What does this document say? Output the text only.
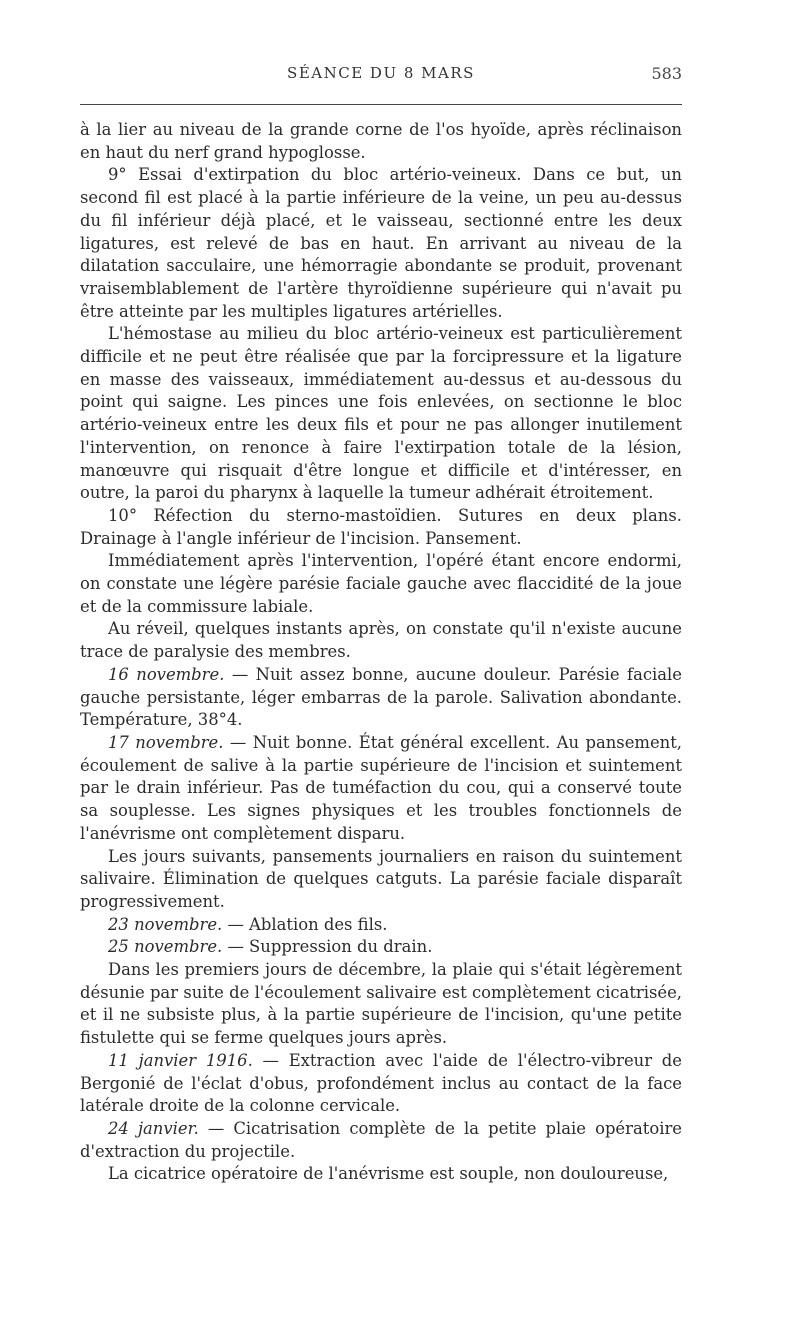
SÉANCE DU 8 MARS	583

à la lier au niveau de la grande corne de l'os hyoïde, après réclinaison en haut du nerf grand hypoglosse.

9° Essai d'extirpation du bloc artério-veineux. Dans ce but, un second fil est placé à la partie inférieure de la veine, un peu au-dessus du fil inférieur déjà placé, et le vaisseau, sectionné entre les deux ligatures, est relevé de bas en haut. En arrivant au niveau de la dilatation sacculaire, une hémorragie abondante se produit, provenant vraisemblablement de l'artère thyroïdienne supérieure qui n'avait pu être atteinte par les multiples ligatures artérielles.

L'hémostase au milieu du bloc artério-veineux est particulièrement difficile et ne peut être réalisée que par la forcipressure et la ligature en masse des vaisseaux, immédiatement au-dessus et au-dessous du point qui saigne. Les pinces une fois enlevées, on sectionne le bloc artério-veineux entre les deux fils et pour ne pas allonger inutilement l'intervention, on renonce à faire l'extirpation totale de la lésion, manœuvre qui risquait d'être longue et difficile et d'intéresser, en outre, la paroi du pharynx à laquelle la tumeur adhérait étroitement.

10° Réfection du sterno-mastoïdien. Sutures en deux plans. Drainage à l'angle inférieur de l'incision. Pansement.

Immédiatement après l'intervention, l'opéré étant encore endormi, on constate une légère parésie faciale gauche avec flaccidité de la joue et de la commissure labiale.

Au réveil, quelques instants après, on constate qu'il n'existe aucune trace de paralysie des membres.

16 novembre. — Nuit assez bonne, aucune douleur. Parésie faciale gauche persistante, léger embarras de la parole. Salivation abondante. Température, 38°4.

17 novembre. — Nuit bonne. État général excellent. Au pansement, écoulement de salive à la partie supérieure de l'incision et suintement par le drain inférieur. Pas de tuméfaction du cou, qui a conservé toute sa souplesse. Les signes physiques et les troubles fonctionnels de l'anévrisme ont complètement disparu.

Les jours suivants, pansements journaliers en raison du suintement salivaire. Élimination de quelques catguts. La parésie faciale disparaît progressivement.

23 novembre. — Ablation des fils.

25 novembre. — Suppression du drain.

Dans les premiers jours de décembre, la plaie qui s'était légèrement désunie par suite de l'écoulement salivaire est complètement cicatrisée, et il ne subsiste plus, à la partie supérieure de l'incision, qu'une petite fistulette qui se ferme quelques jours après.

11 janvier 1916. — Extraction avec l'aide de l'électro-vibreur de Bergonié de l'éclat d'obus, profondément inclus au contact de la face latérale droite de la colonne cervicale.

24 janvier. — Cicatrisation complète de la petite plaie opératoire d'extraction du projectile.

La cicatrice opératoire de l'anévrisme est souple, non douloureuse,
